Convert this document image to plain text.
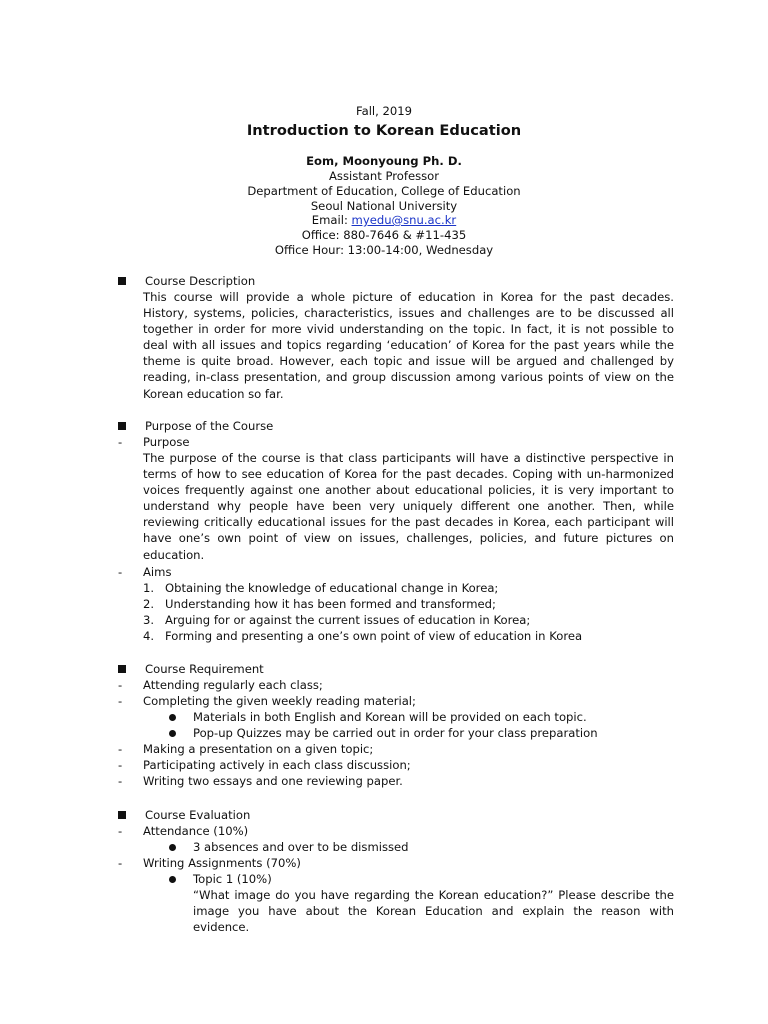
Fall, 2019
Introduction to Korean Education
Eom, Moonyoung Ph. D.
Assistant Professor
Department of Education, College of Education
Seoul National University
Email: myedu@snu.ac.kr
Office: 880-7646 & #11-435
Office Hour: 13:00-14:00, Wednesday
Course Description
This course will provide a whole picture of education in Korea for the past decades. History, systems, policies, characteristics, issues and challenges are to be discussed all together in order for more vivid understanding on the topic. In fact, it is not possible to deal with all issues and topics regarding ‘education’ of Korea for the past years while the theme is quite broad. However, each topic and issue will be argued and challenged by reading, in-class presentation, and group discussion among various points of view on the Korean education so far.
Purpose of the Course
- Purpose
The purpose of the course is that class participants will have a distinctive perspective in terms of how to see education of Korea for the past decades. Coping with un-harmonized voices frequently against one another about educational policies, it is very important to understand why people have been very uniquely different one another. Then, while reviewing critically educational issues for the past decades in Korea, each participant will have one’s own point of view on issues, challenges, policies, and future pictures on education.
- Aims
1. Obtaining the knowledge of educational change in Korea;
2. Understanding how it has been formed and transformed;
3. Arguing for or against the current issues of education in Korea;
4. Forming and presenting a one’s own point of view of education in Korea
Course Requirement
- Attending regularly each class;
- Completing the given weekly reading material;
Materials in both English and Korean will be provided on each topic.
Pop-up Quizzes may be carried out in order for your class preparation
- Making a presentation on a given topic;
- Participating actively in each class discussion;
- Writing two essays and one reviewing paper.
Course Evaluation
- Attendance (10%)
3 absences and over to be dismissed
- Writing Assignments (70%)
Topic 1 (10%)
“What image do you have regarding the Korean education?” Please describe the image you have about the Korean Education and explain the reason with evidence.
